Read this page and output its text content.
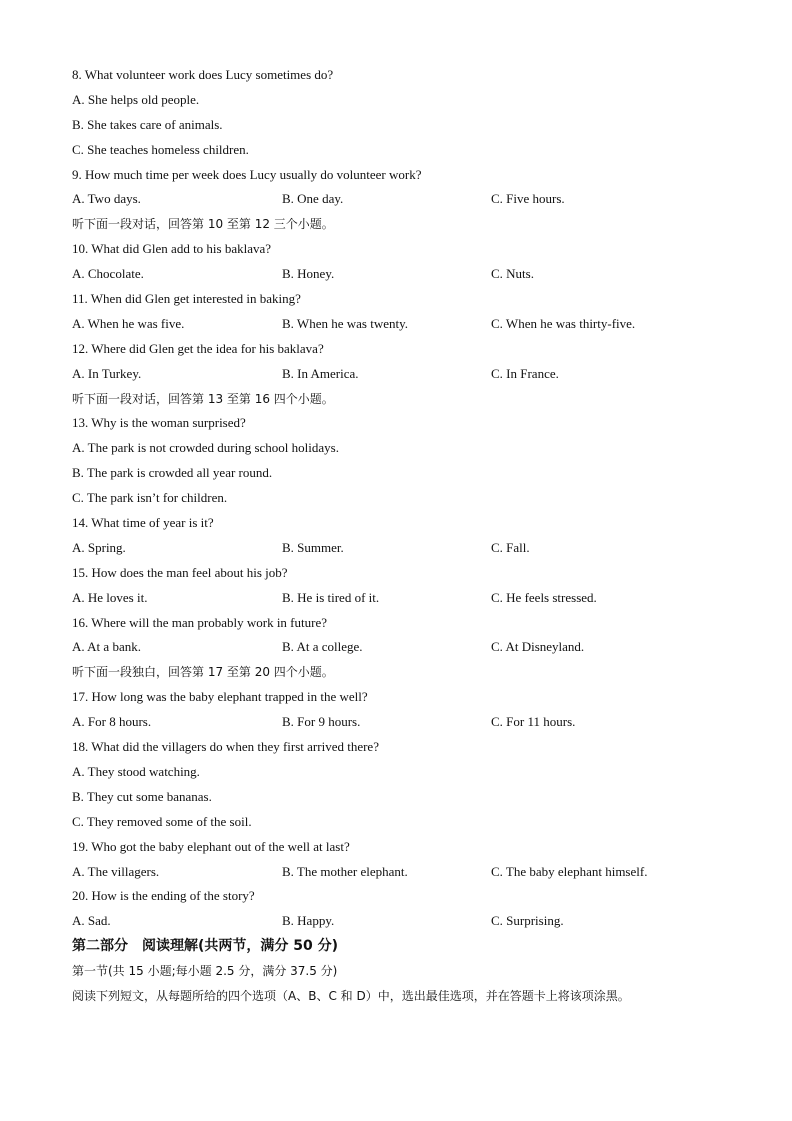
8. What volunteer work does Lucy sometimes do?
A. She helps old people.
B. She takes care of animals.
C. She teaches homeless children.
9. How much time per week does Lucy usually do volunteer work?
A. Two days.	B. One day.	C. Five hours.
听下面一段对话，回答第 10 至第 12 三个小题。
10. What did Glen add to his baklava?
A. Chocolate.	B. Honey.	C. Nuts.
11. When did Glen get interested in baking?
A. When he was five.	B. When he was twenty.	C. When he was thirty-five.
12. Where did Glen get the idea for his baklava?
A. In Turkey.	B. In America.	C. In France.
听下面一段对话，回答第 13 至第 16 四个小题。
13. Why is the woman surprised?
A. The park is not crowded during school holidays.
B. The park is crowded all year round.
C. The park isn’t for children.
14. What time of year is it?
A. Spring.	B. Summer.	C. Fall.
15. How does the man feel about his job?
A. He loves it.	B. He is tired of it.	C. He feels stressed.
16. Where will the man probably work in future?
A. At a bank.	B. At a college.	C. At Disneyland.
听下面一段独白，回答第 17 至第 20 四个小题。
17. How long was the baby elephant trapped in the well?
A. For 8 hours.	B. For 9 hours.	C. For 11 hours.
18. What did the villagers do when they first arrived there?
A. They stood watching.
B. They cut some bananas.
C. They removed some of the soil.
19. Who got the baby elephant out of the well at last?
A. The villagers.	B. The mother elephant.	C. The baby elephant himself.
20. How is the ending of the story?
A. Sad.	B. Happy.	C. Surprising.
第二部分 阅读理解(共两节，满分 50 分)
第一节(共 15 小题;每小题 2.5 分，满分 37.5 分)
阅读下列短文，从每题所给的四个选项（A、B、C 和 D）中，选出最佳选项，并在答题卡上将该项涂黑。
